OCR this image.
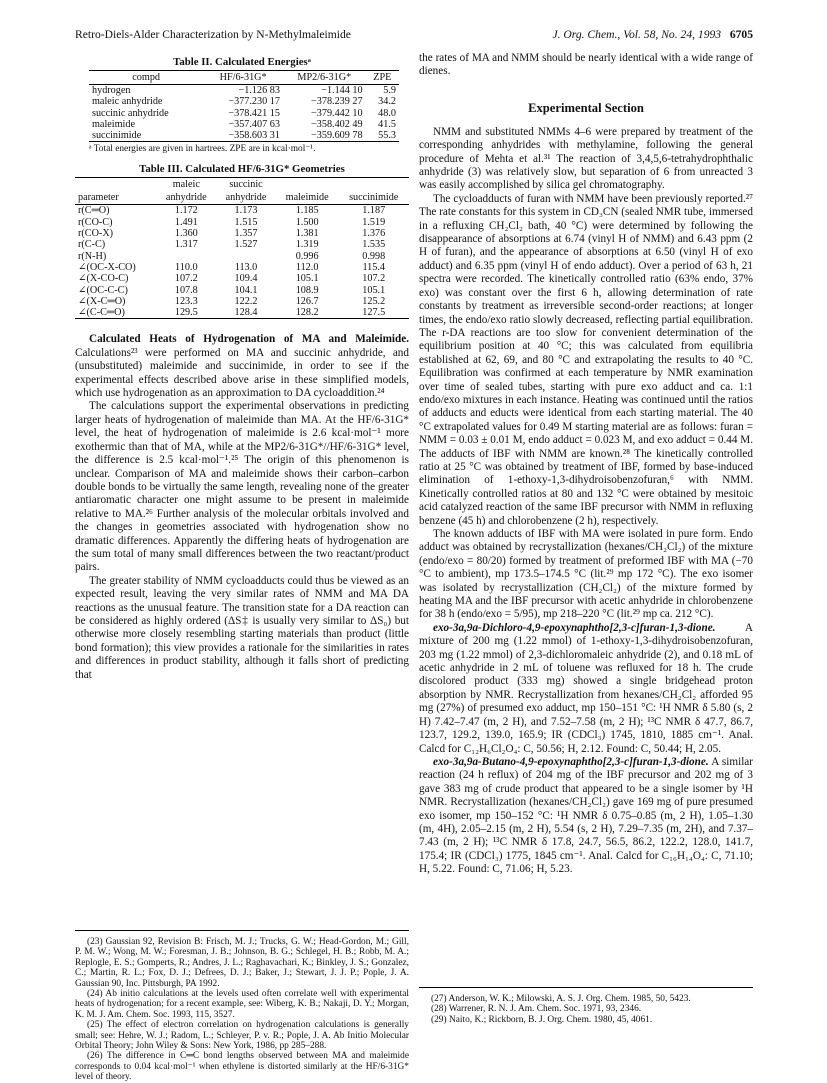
Retro-Diels-Alder Characterization by N-Methylmaleimide	J. Org. Chem., Vol. 58, No. 24, 1993 6705
Table II. Calculated Energiesᵃ
compd	HF/6-31G*	MP2/6-31G*	ZPE
hydrogen	−1.126 83	−1.144 10	5.9
maleic anhydride	−377.230 17	−378.239 27	34.2
succinic anhydride	−378.421 15	−379.442 10	48.0
maleimide	−357.407 63	−358.402 49	41.5
succinimide	−358.603 31	−359.609 78	55.3
ᵃ Total energies are given in hartrees. ZPE are in kcal·mol⁻¹.
Table III. Calculated HF/6-31G* Geometries
	maleic	succinic		
parameter	anhydride	anhydride	maleimide	succinimide
r(C═O)	1.172	1.173	1.185	1.187
r(CO-C)	1.491	1.515	1.500	1.519
r(CO-X)	1.360	1.357	1.381	1.376
r(C-C)	1.317	1.527	1.319	1.535
r(N-H)			0.996	0.998
∠(OC-X-CO)	110.0	113.0	112.0	115.4
∠(X-CO-C)	107.2	109.4	105.1	107.2
∠(OC-C-C)	107.8	104.1	108.9	105.1
∠(X-C═O)	123.3	122.2	126.7	125.2
∠(C-C═O)	129.5	128.4	128.2	127.5

Calculated Heats of Hydrogenation of MA and Maleimide. Calculations²³ were performed on MA and succinic anhydride, and (unsubstituted) maleimide and succinimide, in order to see if the experimental effects described above arise in these simplified models, which use hydrogenation as an approximation to DA cycloaddition.²⁴

The calculations support the experimental observations in predicting larger heats of hydrogenation of maleimide than MA. At the HF/6-31G* level, the heat of hydrogenation of maleimide is 2.6 kcal·mol⁻¹ more exothermic than that of MA, while at the MP2/6-31G*//HF/6-31G* level, the difference is 2.5 kcal·mol⁻¹.²⁵ The origin of this phenomenon is unclear. Comparison of MA and maleimide shows their carbon–carbon double bonds to be virtually the same length, revealing none of the greater antiaromatic character one might assume to be present in maleimide relative to MA.²⁶ Further analysis of the molecular orbitals involved and the changes in geometries associated with hydrogenation show no dramatic differences. Apparently the differing heats of hydrogenation are the sum total of many small differences between the two reactant/product pairs.

The greater stability of NMM cycloadducts could thus be viewed as an expected result, leaving the very similar rates of NMM and MA DA reactions as the unusual feature. The transition state for a DA reaction can be considered as highly ordered (ΔS‡ is usually very similar to ΔS₀) but otherwise more closely resembling starting materials than product (little bond formation); this view provides a rationale for the similarities in rates and differences in product stability, although it falls short of predicting that

(23) Gaussian 92, Revision B: Frisch, M. J.; Trucks, G. W.; Head-Gordon, M.; Gill, P. M. W.; Wong, M. W.; Foresman, J. B.; Johnson, B. G.; Schlegel, H. B.; Robb, M. A.; Replogle, E. S.; Gomperts, R.; Andres, J. L.; Raghavachari, K.; Binkley, J. S.; Gonzalez, C.; Martin, R. L.; Fox, D. J.; Defrees, D. J.; Baker, J.; Stewart, J. J. P.; Pople, J. A. Gaussian 90, Inc. Pittsburgh, PA 1992.
(24) Ab initio calculations at the levels used often correlate well with experimental heats of hydrogenation; for a recent example, see: Wiberg, K. B.; Nakaji, D. Y.; Morgan, K. M. J. Am. Chem. Soc. 1993, 115, 3527.
(25) The effect of electron correlation on hydrogenation calculations is generally small; see: Hehre, W. J.; Radom, L.; Schleyer, P. v. R.; Pople, J. A. Ab Initio Molecular Orbital Theory; John Wiley & Sons: New York, 1986, pp 285–288.
(26) The difference in C═C bond lengths observed between MA and maleimide corresponds to 0.04 kcal·mol⁻¹ when ethylene is distorted similarly at the HF/6-31G* level of theory.

the rates of MA and NMM should be nearly identical with a wide range of dienes.

Experimental Section

NMM and substituted NMMs 4–6 were prepared by treatment of the corresponding anhydrides with methylamine, following the general procedure of Mehta et al.³¹ The reaction of 3,4,5,6-tetrahydrophthalic anhydride (3) was relatively slow, but separation of 6 from unreacted 3 was easily accomplished by silica gel chromatography.

The cycloadducts of furan with NMM have been previously reported.²⁷ The rate constants for this system in CD₃CN (sealed NMR tube, immersed in a refluxing CH₂Cl₂ bath, 40 °C) were determined by following the disappearance of absorptions at 6.74 (vinyl H of NMM) and 6.43 ppm (2 H of furan), and the appearance of absorptions at 6.50 (vinyl H of exo adduct) and 6.35 ppm (vinyl H of endo adduct). Over a period of 63 h, 21 spectra were recorded. The kinetically controlled ratio (63% endo, 37% exo) was constant over the first 6 h, allowing determination of rate constants by treatment as irreversible second-order reactions; at longer times, the endo/exo ratio slowly decreased, reflecting partial equilibration. The r-DA reactions are too slow for convenient determination of the equilibrium position at 40 °C; this was calculated from equilibria established at 62, 69, and 80 °C and extrapolating the results to 40 °C. Equilibration was confirmed at each temperature by NMR examination over time of sealed tubes, starting with pure exo adduct and ca. 1:1 endo/exo mixtures in each instance. Heating was continued until the ratios of adducts and educts were identical from each starting material. The 40 °C extrapolated values for 0.49 M starting material are as follows: furan = NMM = 0.03 ± 0.01 M, endo adduct = 0.023 M, and exo adduct = 0.44 M. The adducts of IBF with NMM are known.²⁸ The kinetically controlled ratio at 25 °C was obtained by treatment of IBF, formed by base-induced elimination of 1-ethoxy-1,3-dihydroisobenzofuran,⁶ with NMM. Kinetically controlled ratios at 80 and 132 °C were obtained by mesitoic acid catalyzed reaction of the same IBF precursor with NMM in refluxing benzene (45 h) and chlorobenzene (2 h), respectively.

The known adducts of IBF with MA were isolated in pure form. Endo adduct was obtained by recrystallization (hexanes/CH₂Cl₂) of the mixture (endo/exo = 80/20) formed by treatment of preformed IBF with MA (−70 °C to ambient), mp 173.5–174.5 °C (lit.²⁹ mp 172 °C). The exo isomer was isolated by recrystallization (CH₂Cl₂) of the mixture formed by heating MA and the IBF precursor with acetic anhydride in chlorobenzene for 38 h (endo/exo = 5/95), mp 218–220 °C (lit.²⁹ mp ca. 212 °C).

exo-3a,9a-Dichloro-4,9-epoxynaphtho[2,3-c]furan-1,3-dione. A mixture of 200 mg (1.22 mmol) of 1-ethoxy-1,3-dihydroisobenzofuran, 203 mg (1.22 mmol) of 2,3-dichloromaleic anhydride (2), and 0.18 mL of acetic anhydride in 2 mL of toluene was refluxed for 18 h. The crude discolored product (333 mg) showed a single bridgehead proton absorption by NMR. Recrystallization from hexanes/CH₂Cl₂ afforded 95 mg (27%) of presumed exo adduct, mp 150–151 °C: ¹H NMR δ 5.80 (s, 2 H) 7.42–7.47 (m, 2 H), and 7.52–7.58 (m, 2 H); ¹³C NMR δ 47.7, 86.7, 123.7, 129.2, 139.0, 165.9; IR (CDCl₃) 1745, 1810, 1885 cm⁻¹. Anal. Calcd for C₁₂H₆Cl₂O₄: C, 50.56; H, 2.12. Found: C, 50.44; H, 2.05.

exo-3a,9a-Butano-4,9-epoxynaphtho[2,3-c]furan-1,3-dione. A similar reaction (24 h reflux) of 204 mg of the IBF precursor and 202 mg of 3 gave 383 mg of crude product that appeared to be a single isomer by ¹H NMR. Recrystallization (hexanes/CH₂Cl₂) gave 169 mg of pure presumed exo isomer, mp 150–152 °C: ¹H NMR δ 0.75–0.85 (m, 2 H), 1.05–1.30 (m, 4H), 2.05–2.15 (m, 2 H), 5.54 (s, 2 H), 7.29–7.35 (m, 2H), and 7.37–7.43 (m, 2 H); ¹³C NMR δ 17.8, 24.7, 56.5, 86.2, 122.2, 128.0, 141.7, 175.4; IR (CDCl₃) 1775, 1845 cm⁻¹. Anal. Calcd for C₁₆H₁₄O₄: C, 71.10; H, 5.22. Found: C, 71.06; H, 5.23.

(27) Anderson, W. K.; Milowski, A. S. J. Org. Chem. 1985, 50, 5423.
(28) Warrener, R. N. J. Am. Chem. Soc. 1971, 93, 2346.
(29) Naito, K.; Rickborn, B. J. Org. Chem. 1980, 45, 4061.
